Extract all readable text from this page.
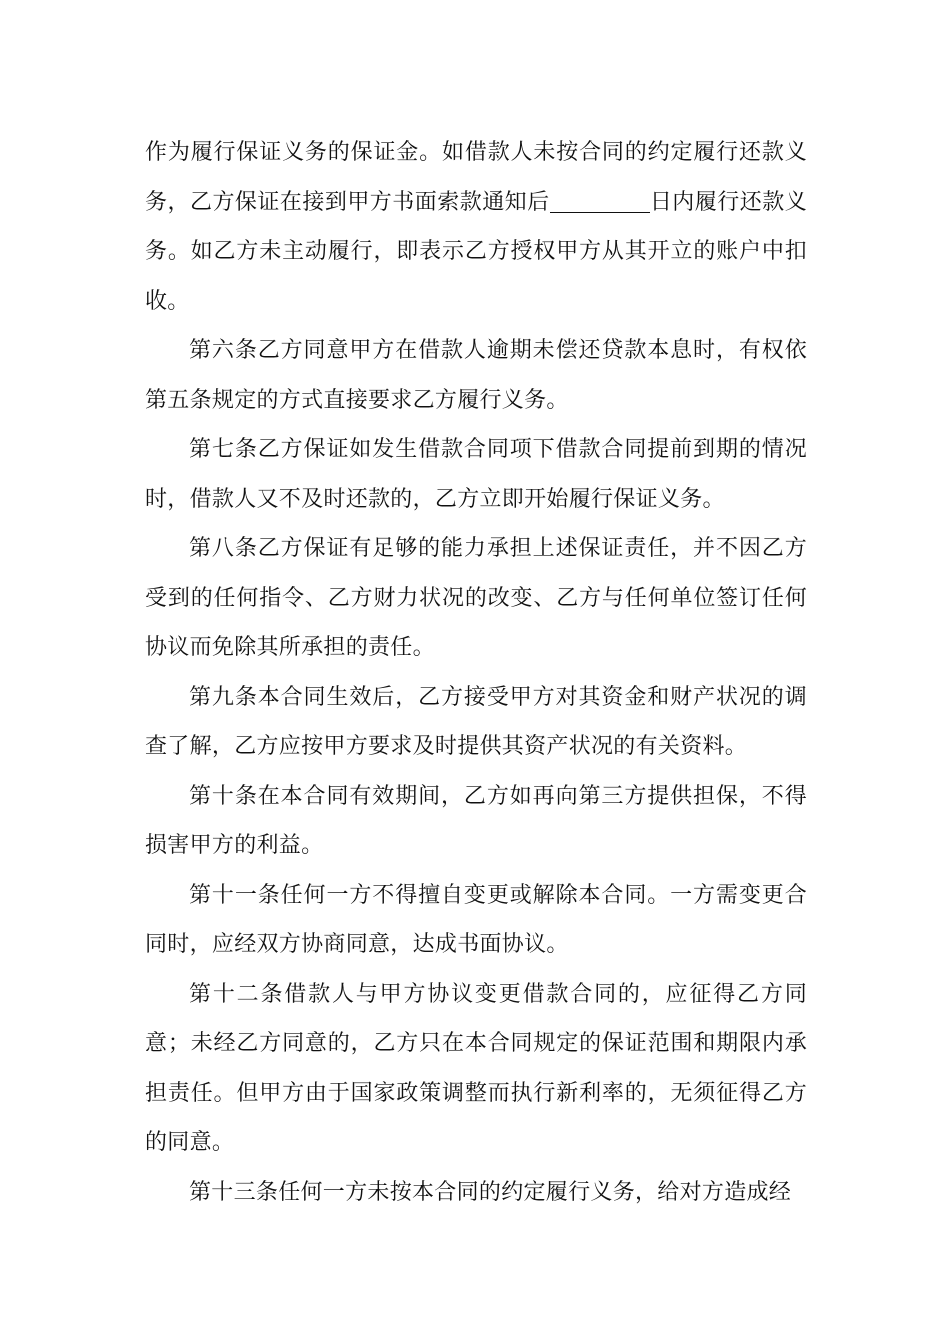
作为履行保证义务的保证金。如借款人未按合同的约定履行还款义务，乙方保证在接到甲方书面索款通知后	日内履行还款义务。如乙方未主动履行，即表示乙方授权甲方从其开立的账户中扣收。

第六条乙方同意甲方在借款人逾期未偿还贷款本息时，有权依第五条规定的方式直接要求乙方履行义务。

第七条乙方保证如发生借款合同项下借款合同提前到期的情况时，借款人又不及时还款的，乙方立即开始履行保证义务。

第八条乙方保证有足够的能力承担上述保证责任，并不因乙方受到的任何指令、乙方财力状况的改变、乙方与任何单位签订任何协议而免除其所承担的责任。

第九条本合同生效后，乙方接受甲方对其资金和财产状况的调查了解，乙方应按甲方要求及时提供其资产状况的有关资料。

第十条在本合同有效期间，乙方如再向第三方提供担保，不得损害甲方的利益。

第十一条任何一方不得擅自变更或解除本合同。一方需变更合同时，应经双方协商同意，达成书面协议。

第十二条借款人与甲方协议变更借款合同的，应征得乙方同意；未经乙方同意的，乙方只在本合同规定的保证范围和期限内承担责任。但甲方由于国家政策调整而执行新利率的，无须征得乙方的同意。

第十三条任何一方未按本合同的约定履行义务，给对方造成经
